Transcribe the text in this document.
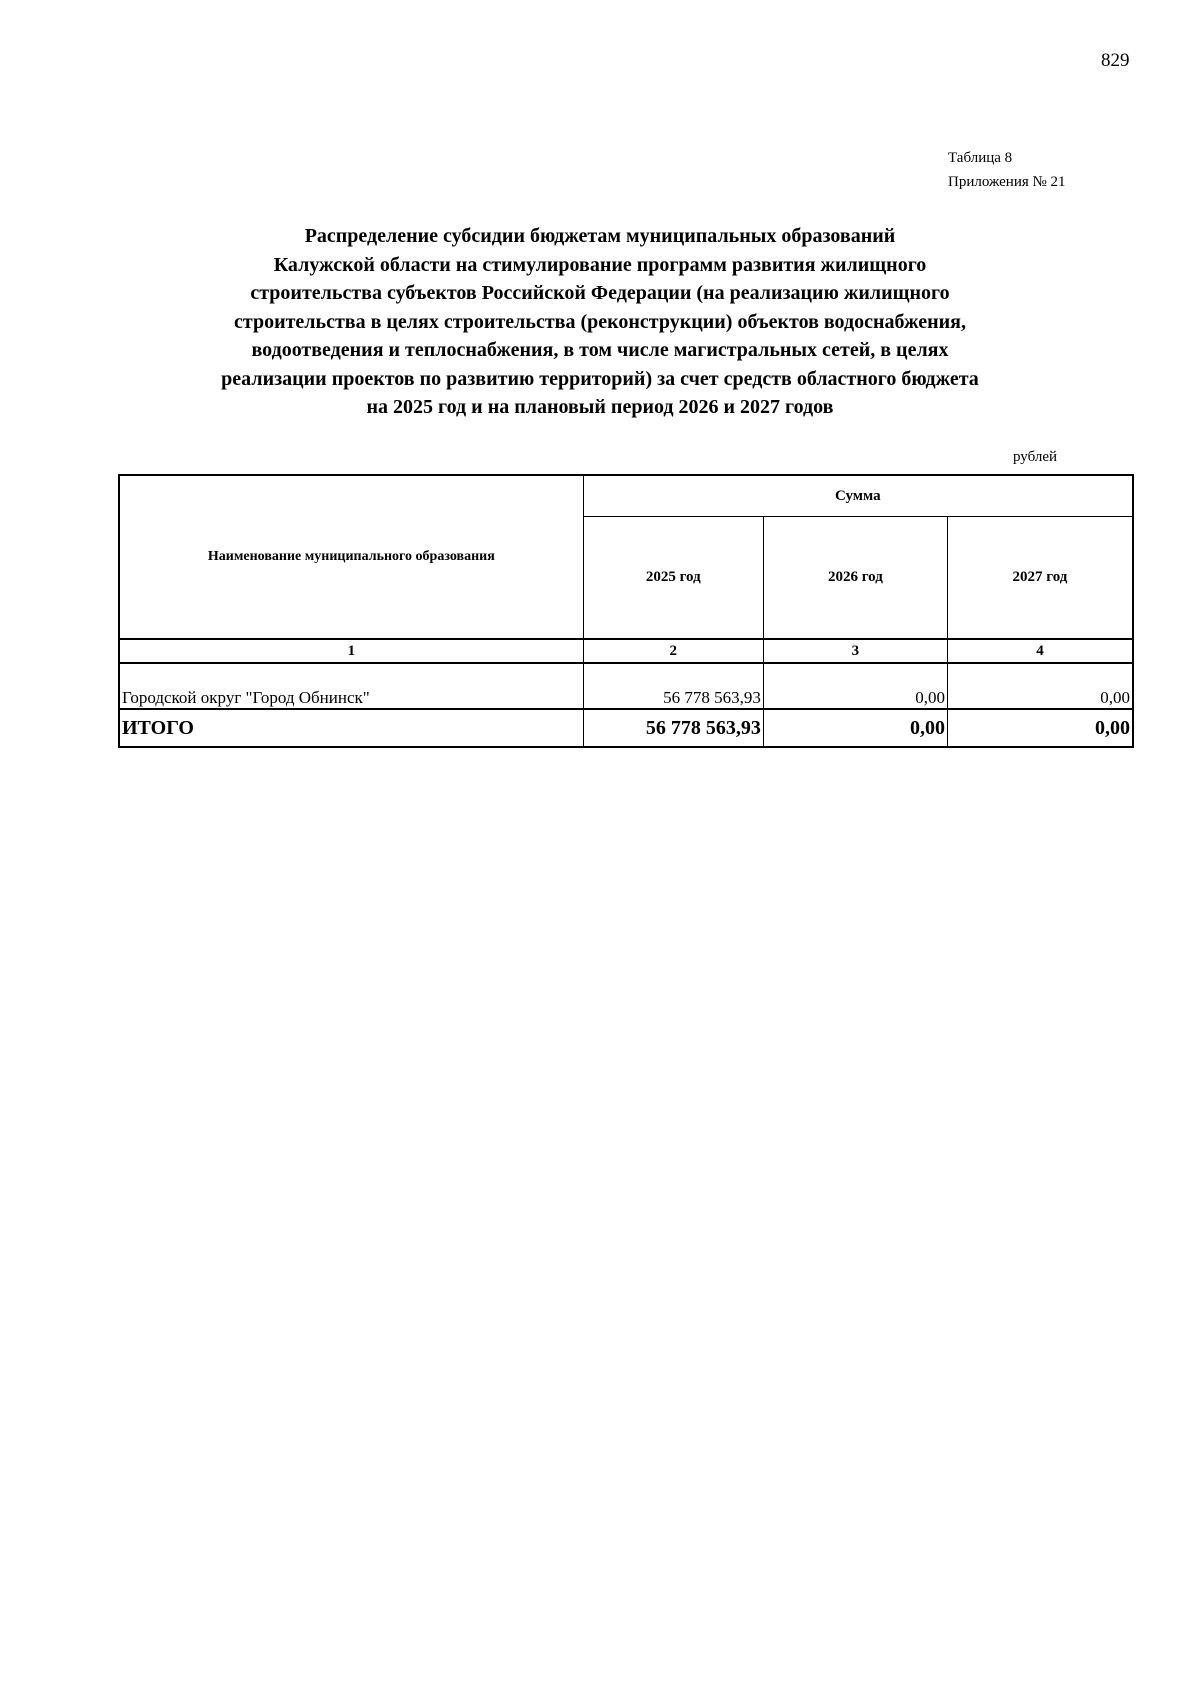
829
Таблица 8
Приложения № 21
Распределение субсидии бюджетам муниципальных образований
Калужской области на стимулирование программ развития жилищного
строительства субъектов Российской Федерации (на реализацию жилищного
строительства в целях строительства (реконструкции) объектов водоснабжения,
водоотведения и теплоснабжения, в том числе магистральных сетей, в целях
реализации проектов по развитию территорий) за счет средств областного бюджета
на 2025 год и на плановый период 2026 и 2027 годов
рублей
Наименование муниципального образования	Сумма		
	2025 год	2026 год	2027 год
1	2	3	4
Городской округ "Город Обнинск"	56 778 563,93	0,00	0,00
ИТОГО	56 778 563,93	0,00	0,00
